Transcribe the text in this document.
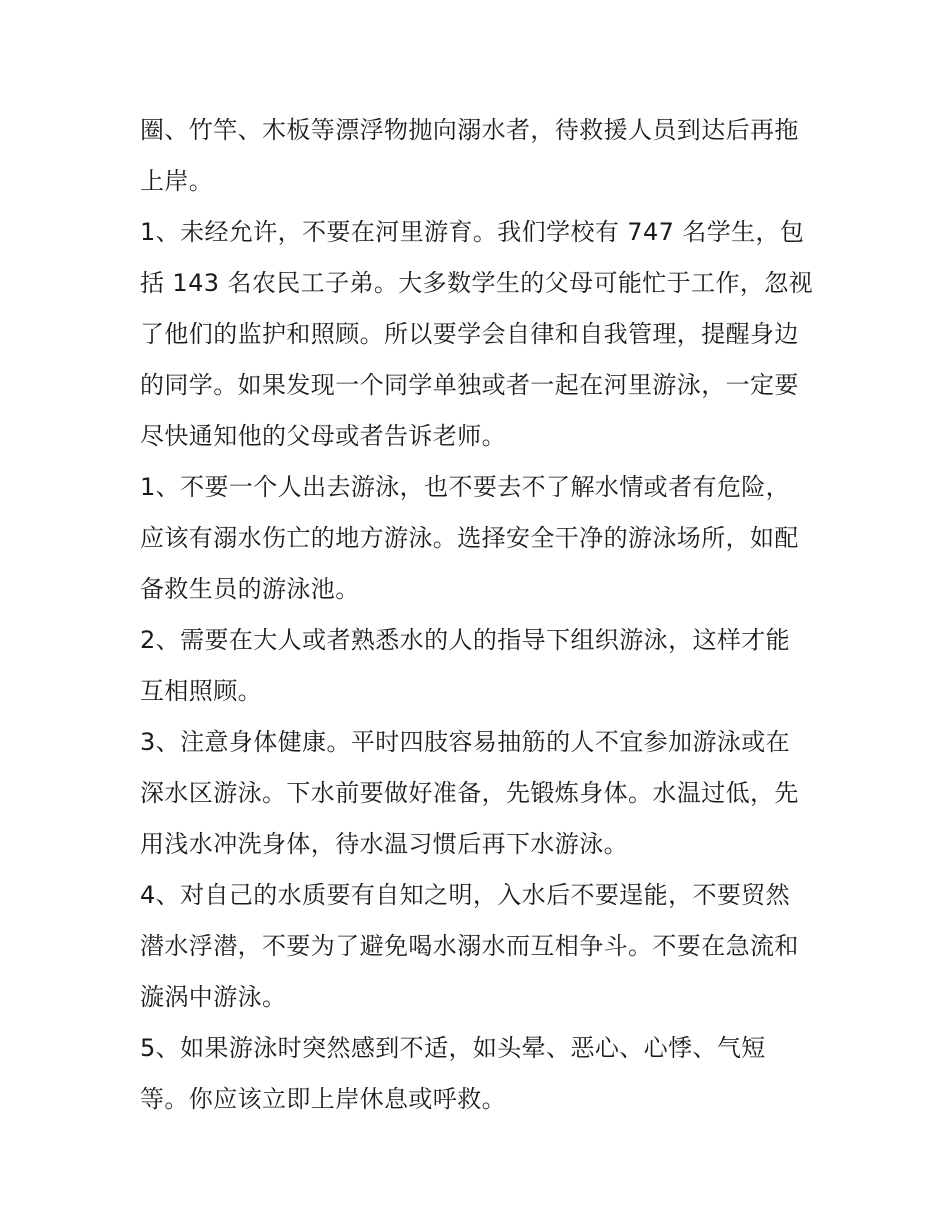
圈、竹竿、木板等漂浮物抛向溺水者，待救援人员到达后再拖
上岸。
1、未经允许，不要在河里游育。我们学校有 747 名学生，包
括 143 名农民工子弟。大多数学生的父母可能忙于工作，忽视
了他们的监护和照顾。所以要学会自律和自我管理，提醒身边
的同学。如果发现一个同学单独或者一起在河里游泳，一定要
尽快通知他的父母或者告诉老师。
1、不要一个人出去游泳，也不要去不了解水情或者有危险，
应该有溺水伤亡的地方游泳。选择安全干净的游泳场所，如配
备救生员的游泳池。
2、需要在大人或者熟悉水的人的指导下组织游泳，这样才能
互相照顾。
3、注意身体健康。平时四肢容易抽筋的人不宜参加游泳或在
深水区游泳。下水前要做好准备，先锻炼身体。水温过低，先
用浅水冲洗身体，待水温习惯后再下水游泳。
4、对自己的水质要有自知之明，入水后不要逞能，不要贸然
潜水浮潜，不要为了避免喝水溺水而互相争斗。不要在急流和
漩涡中游泳。
5、如果游泳时突然感到不适，如头晕、恶心、心悸、气短
等。你应该立即上岸休息或呼救。
